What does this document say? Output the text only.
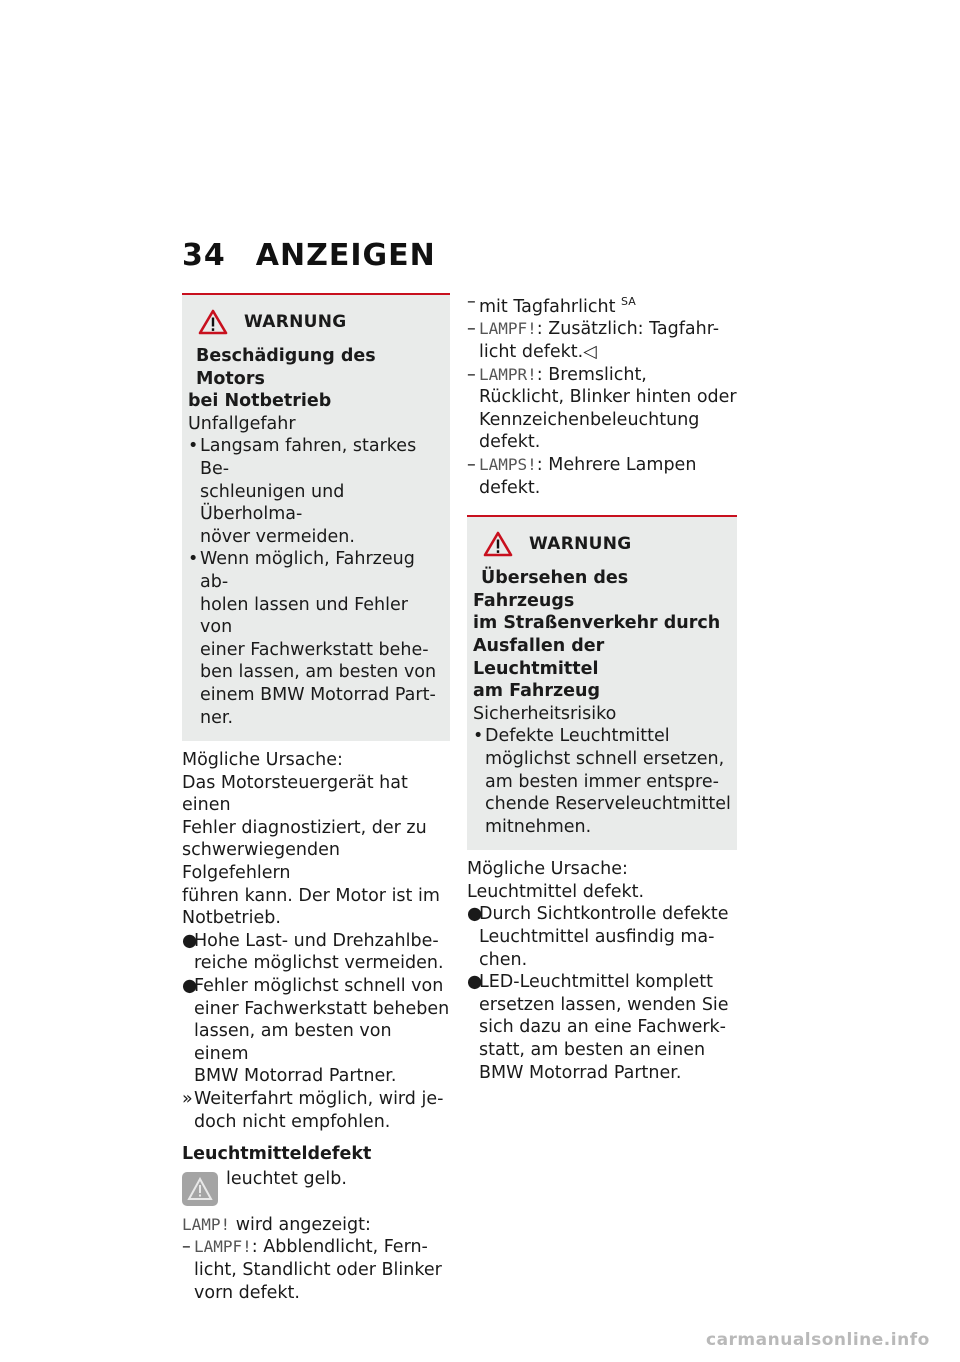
34 ANZEIGEN
WARNUNG

Beschädigung des Motors

bei Notbetrieb

Unfallgefahr

• Langsam fahren, starkes Be-
schleunigen und Überholma-
növer vermeiden.
• Wenn möglich, Fahrzeug ab-
holen lassen und Fehler von
einer Fachwerkstatt behe-
ben lassen, am besten von
einem BMW Motorrad Part-
ner.

Mögliche Ursache:

Das Motorsteuergerät hat einen
Fehler diagnostiziert, der zu
schwerwiegenden Folgefehlern
führen kann. Der Motor ist im
Notbetrieb.

●
Hohe Last- und Drehzahlbe-
reiche möglichst vermeiden.
●
Fehler möglichst schnell von
einer Fachwerkstatt beheben
lassen, am besten von einem
BMW Motorrad Partner.
» Weiterfahrt möglich, wird je-
doch nicht empfohlen.

Leuchtmitteldefekt

leuchtet gelb.

LAMP! wird angezeigt:

– LAMPF!: Abblendlicht, Fern-
licht, Standlicht oder Blinker
vorn defekt.
– mit Tagfahrlicht $^{SA}$
– LAMPF!: Zusätzlich: Tagfahr-
licht defekt.◁
– LAMPR!: Bremslicht,
Rücklicht, Blinker hinten oder
Kennzeichenbeleuchtung
defekt.
– LAMPS!: Mehrere Lampen
defekt.
WARNUNG

Übersehen des Fahrzeugs
im Straßenverkehr durch
Ausfallen der Leuchtmittel
am Fahrzeug

Sicherheitsrisiko

• Defekte Leuchtmittel
möglichst schnell ersetzen,
am besten immer entspre-
chende Reserveleuchtmittel
mitnehmen.

Mögliche Ursache:

Leuchtmittel defekt.

●
Durch Sichtkontrolle defekte
Leuchtmittel ausfindig ma-
chen.
●
LED-Leuchtmittel komplett
ersetzen lassen, wenden Sie
sich dazu an eine Fachwerk-
statt, am besten an einen
BMW Motorrad Partner.
carmanualsonline.info
